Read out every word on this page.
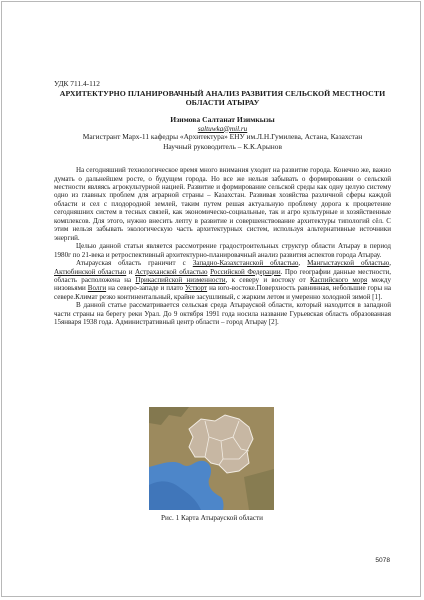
УДК 711.4-112

АРХИТЕКТУРНО ПЛАНИРОВАЧНЫЙ АНАЛИЗ РАЗВИТИЯ СЕЛЬСКОЙ МЕСТНОСТИ ОБЛАСТИ АТЫРАУ

Изимова Салтанат Изимкызы

saltuwka@mil.ru

Магистрант Марх-11 кафедры «Архитектура» ЕНУ им.Л.Н.Гумилева, Астана, Казахстан

Научный руководитель – К.К.Арынов

На сегодняшний технологическое время много внимания уходит на развитие города. Конечно же, важно думать о дальнейшем росте, о будущем города. Но все же нельзя забывать о формировании о сельской местности являясь агрокультурной нацией. Развитие и формирование сельской среды как одну целую систему одно из главных проблем для аграрной страны – Казахстан. Развивая хозяйства различной сферы каждой области и сел с плодородной землей, таким путем решая актуальную проблему дорога к процветение сегодняшних систем в тесных связей, как экономическо-социальные, так и агро культурные и хозяйственные комплексов. Для этого, нужно внесить лепту в развитие и совершенствование архитектуры типологий сёл. С этим нельзя забывать экологическую часть архитектурных систем, используя альтернативные источники энергий.

Целью данной статьи является рассмотрение градостроительных структур области Атырау в период 1980г по 21-века и ретроспективный архитектурно-планировачный анализ развития аспектов города Атырау.

Атырауская область граничит с Западно-Казахстанской областью, Мангыстауской областью, Актюбинской областью и Астраханской областью Российской Федерации. Про географии данные местности, область расположена на Прикаспийской низменности, к северу и востоку от Каспийского моря между низовьями Волги на северо-западе и плато Устюрт на юго-востоке.Поверхность равнинная, небольшие горы на севере.Климат резко континентальный, крайне засушливый, с жарким летом и умеренно холодной зимой [1].

В данной статье рассматривается сельская среда Атырауской области, который находится в западной части страны на берегу реки Урал. До 9 октября 1991 года носила название Гурьевская область образованная 15января 1938 года. Административный центр области – город Атырау [2].

Рис. 1 Карта Атырауской области
5078
